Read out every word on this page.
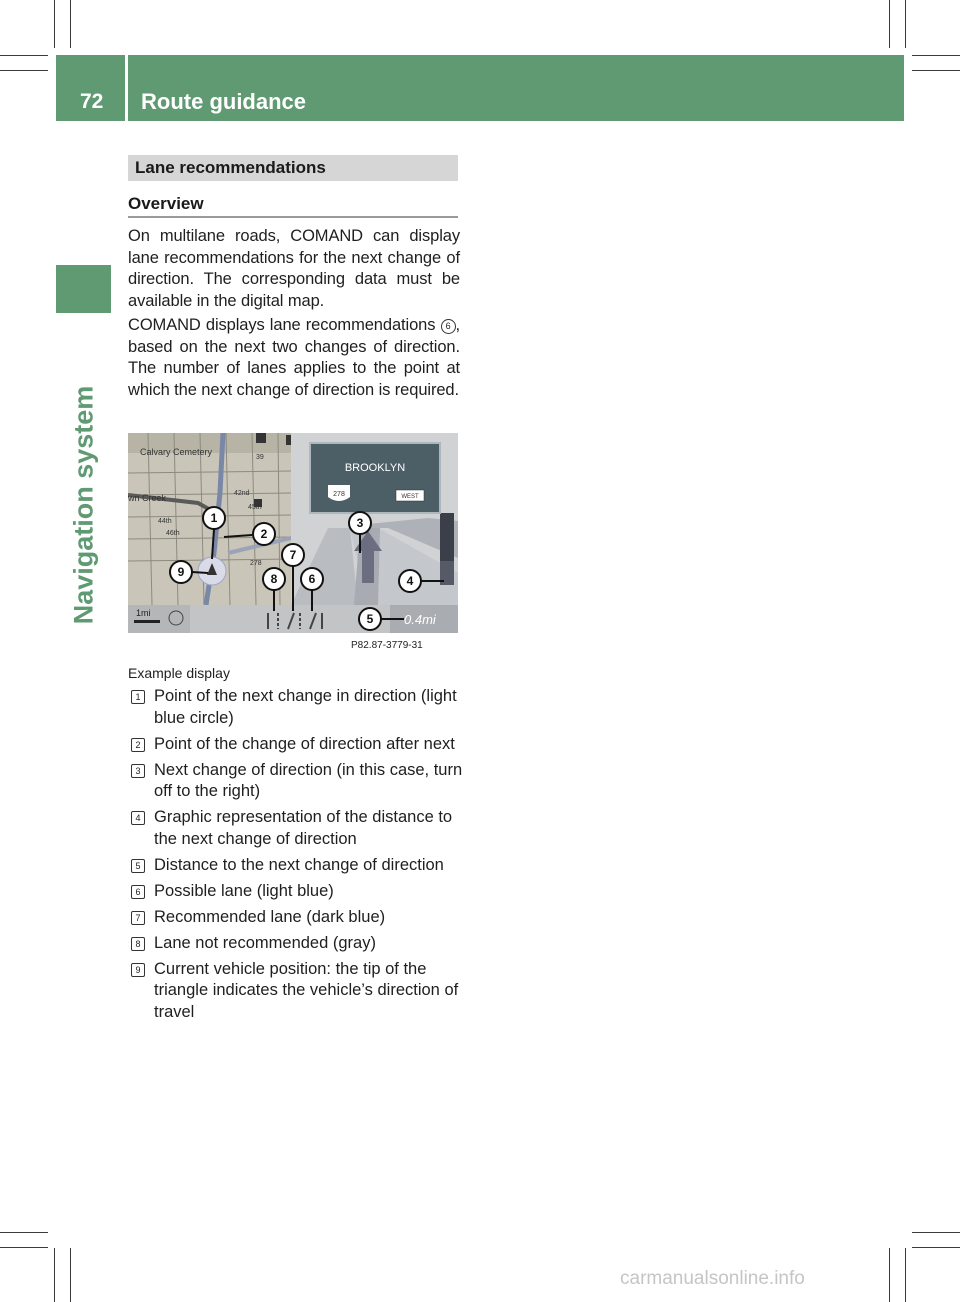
72 Route guidance
Navigation system
Lane recommendations
Overview

On multilane roads, COMAND can display lane recommendations for the next change of direction. The corresponding data must be available in the digital map.

COMAND displays lane recommendations 6 , based on the next two changes of direction. The number of lanes applies to the point at which the next change of direction is required.

Calvary Cemetery
wn Creek
44th
46th
42nd
45th
39
278
BROOKLYN
278	WEST
1mi	0.4mi
1
2
3
4
5
6
7
8
9
P82.87-3779-31
Example display
1 Point of the next change in direction (light blue circle)
2 Point of the change of direction after next
3 Next change of direction (in this case, turn off to the right)
4 Graphic representation of the distance to the next change of direction
5 Distance to the next change of direction
6 Possible lane (light blue)
7 Recommended lane (dark blue)
8 Lane not recommended (gray)
9 Current vehicle position: the tip of the triangle indicates the vehicle’s direction of travel
carmanualsonline.info
